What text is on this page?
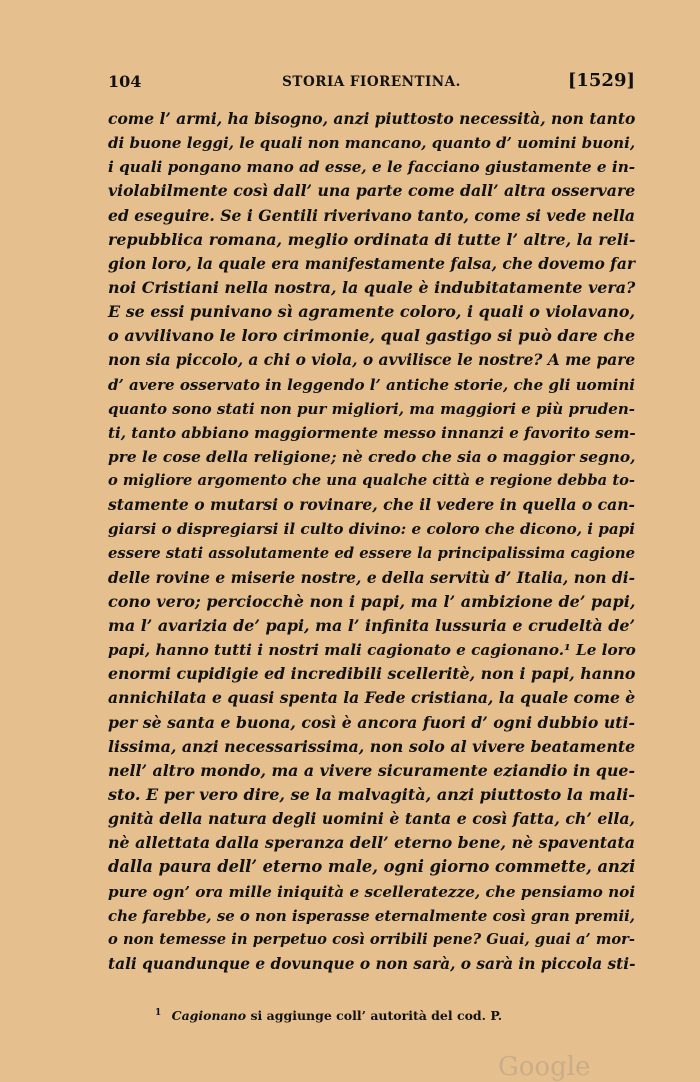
104	STORIA FIORENTINA.	[1529]
come l’ armi, ha bisogno, anzi piuttosto necessità, non tanto
di buone leggi, le quali non mancano, quanto d’ uomini buoni,
i quali pongano mano ad esse, e le facciano giustamente e in-
violabilmente così dall’ una parte come dall’ altra osservare
ed eseguire. Se i Gentili riverivano tanto, come si vede nella
repubblica romana, meglio ordinata di tutte l’ altre, la reli-
gion loro, la quale era manifestamente falsa, che dovemo far
noi Cristiani nella nostra, la quale è indubitatamente vera?
E se essi punivano sì agramente coloro, i quali o violavano,
o avvilivano le loro cirimonie, qual gastigo si può dare che
non sia piccolo, a chi o viola, o avvilisce le nostre? A me pare
d’ avere osservato in leggendo l’ antiche storie, che gli uomini
quanto sono stati non pur migliori, ma maggiori e più pruden-
ti, tanto abbiano maggiormente messo innanzi e favorito sem-
pre le cose della religione; nè credo che sia o maggior segno,
o migliore argomento che una qualche città e regione debba to-
stamente o mutarsi o rovinare, che il vedere in quella o can-
giarsi o dispregiarsi il culto divino: e coloro che dicono, i papi
essere stati assolutamente ed essere la principalissima cagione
delle rovine e miserie nostre, e della servitù d’ Italia, non di-
cono vero; perciocchè non i papi, ma l’ ambizione de’ papi,
ma l’ avarizia de’ papi, ma l’ infinita lussuria e crudeltà de’
papi, hanno tutti i nostri mali cagionato e cagionano.¹ Le loro
enormi cupidigie ed incredibili scelleritè, non i papi, hanno
annichilata e quasi spenta la Fede cristiana, la quale come è
per sè santa e buona, così è ancora fuori d’ ogni dubbio uti-
lissima, anzi necessarissima, non solo al vivere beatamente
nell’ altro mondo, ma a vivere sicuramente eziandio in que-
sto. E per vero dire, se la malvagità, anzi piuttosto la mali-
gnità della natura degli uomini è tanta e così fatta, ch’ ella,
nè allettata dalla speranza dell’ eterno bene, nè spaventata
dalla paura dell’ eterno male, ogni giorno commette, anzi
pure ogn’ ora mille iniquità e scelleratezze, che pensiamo noi
che farebbe, se o non isperasse eternalmente così gran premii,
o non temesse in perpetuo così orribili pene? Guai, guai a’ mor-
tali quandunque e dovunque o non sarà, o sarà in piccola sti-
$^1$ Cagionano si aggiunge coll’ autorità del cod. P.
Google
